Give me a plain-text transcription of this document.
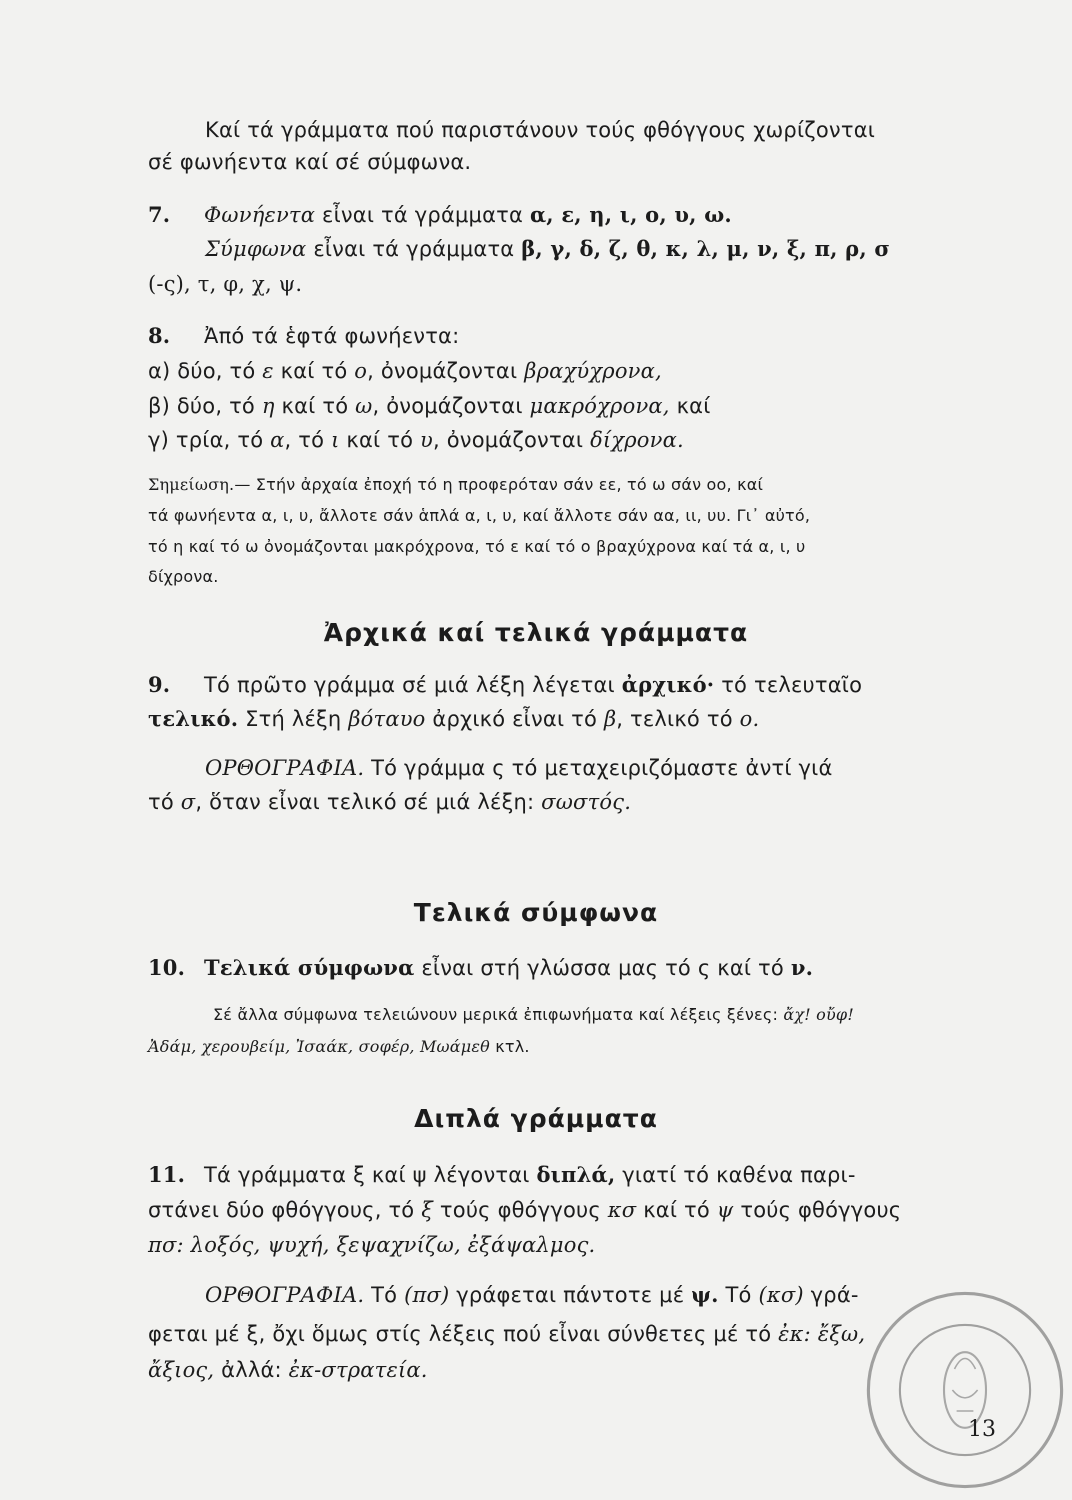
Καί τά γράμματα πού παριστάνουν τούς φθόγγους χωρίζονται
σέ φωνήεντα καί σέ σύμφωνα.
7. Φωνήεντα εἶναι τά γράμματα α, ε, η, ι, ο, υ, ω.
Σύμφωνα εἶναι τά γράμματα β, γ, δ, ζ, θ, κ, λ, μ, ν, ξ, π, ρ, σ
(-ς), τ, φ, χ, ψ.
8. Ἀπό τά ἑφτά φωνήεντα:
α) δύο, τό ε καί τό ο, ὀνομάζονται βραχύχρονα,
β) δύο, τό η καί τό ω, ὀνομάζονται μακρόχρονα, καί
γ) τρία, τό α, τό ι καί τό υ, ὀνομάζονται δίχρονα.
Σημείωση.— Στήν ἀρχαία ἐποχή τό η προφερόταν σάν εε, τό ω σάν οο, καί
τά φωνήεντα α, ι, υ, ἄλλοτε σάν ἁπλά α, ι, υ, καί ἄλλοτε σάν αα, ιι, υυ. Γι᾿ αὐτό,
τό η καί τό ω ὀνομάζονται μακρόχρονα, τό ε καί τό ο βραχύχρονα καί τά α, ι, υ
δίχρονα.
Ἀρχικά καί τελικά γράμματα
9. Τό πρῶτο γράμμα σέ μιά λέξη λέγεται ἀρχικό· τό τελευταῖο
τελικό. Στή λέξη βόταυο ἀρχικό εἶναι τό β, τελικό τό ο.
ΟΡΘΟΓΡΑΦΙΑ. Τό γράμμα ς τό μεταχειριζόμαστε ἀντί γιά
τό σ, ὅταν εἶναι τελικό σέ μιά λέξη: σωστός.
Τελικά σύμφωνα
10. Τελικά σύμφωνα εἶναι στή γλώσσα μας τό ς καί τό ν.
Σέ ἄλλα σύμφωνα τελειώνουν μερικά ἐπιφωνήματα καί λέξεις ξένες: ἄχ! οὔφ!
Ἀδάμ, χερουβείμ, Ἰσαάκ, σοφέρ, Μωάμεθ κτλ.
Διπλά γράμματα
11. Τά γράμματα ξ καί ψ λέγονται διπλά, γιατί τό καθένα παρι-
στάνει δύο φθόγγους, τό ξ τούς φθόγγους κσ καί τό ψ τούς φθόγγους
πσ: λοξός, ψυχή, ξεψαχνίζω, ἐξάψαλμος.
ΟΡΘΟΓΡΑΦΙΑ. Τό (πσ) γράφεται πάντοτε μέ ψ. Τό (κσ) γρά-
φεται μέ ξ, ὄχι ὅμως στίς λέξεις πού εἶναι σύνθετες μέ τό ἐκ: ἔξω,
ἄξιος, ἀλλά: ἐκ-στρατεία.
13
